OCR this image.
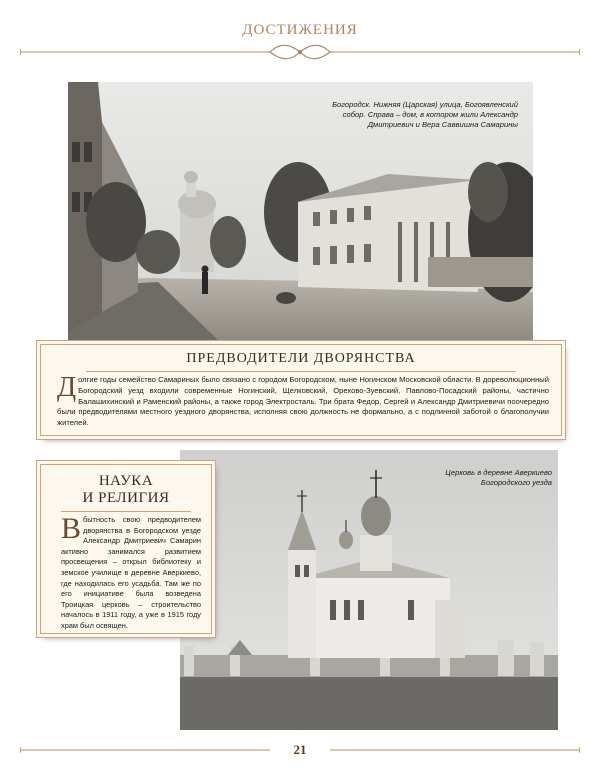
ДОСТИЖЕНИЯ
Богородск. Нижняя (Царская) улица, Богоявленский собор. Справа – дом, в котором жили Александр Дмитриевич и Вера Саввишна Самарины
ПРЕДВОДИТЕЛИ ДВОРЯНСТВА
Долгие годы семейство Самариных было связано с городом Богородском, ныне Ногинском Московской области. В дореволюционный Богородский уезд входили современные Ногинский, Щелковский, Орехово-Зуевский, Павлово-Посадский районы, частично Балашихинский и Раменский районы, а также город Электросталь. Три брата Федор, Сергей и Александр Дмитриевичи поочередно были предводителями местного уездного дворянства, исполняя свою должность не формально, а с подлинной заботой о благополучии жителей.
Церковь в деревне Аверкиево Богородского уезда
НАУКА
И РЕЛИГИЯ
Вбытность свою предводителем дворянства в Богородском уезде Александр Дмитриевич Самарин активно занимался развитием просвещения – открыл библиотеку и земское училище в деревне Аверкиево, где находилась его усадьба. Там же по его инициативе была возведена Троицкая церковь – строительство началось в 1911 году, а уже в 1915 году храм был освящен.
21
